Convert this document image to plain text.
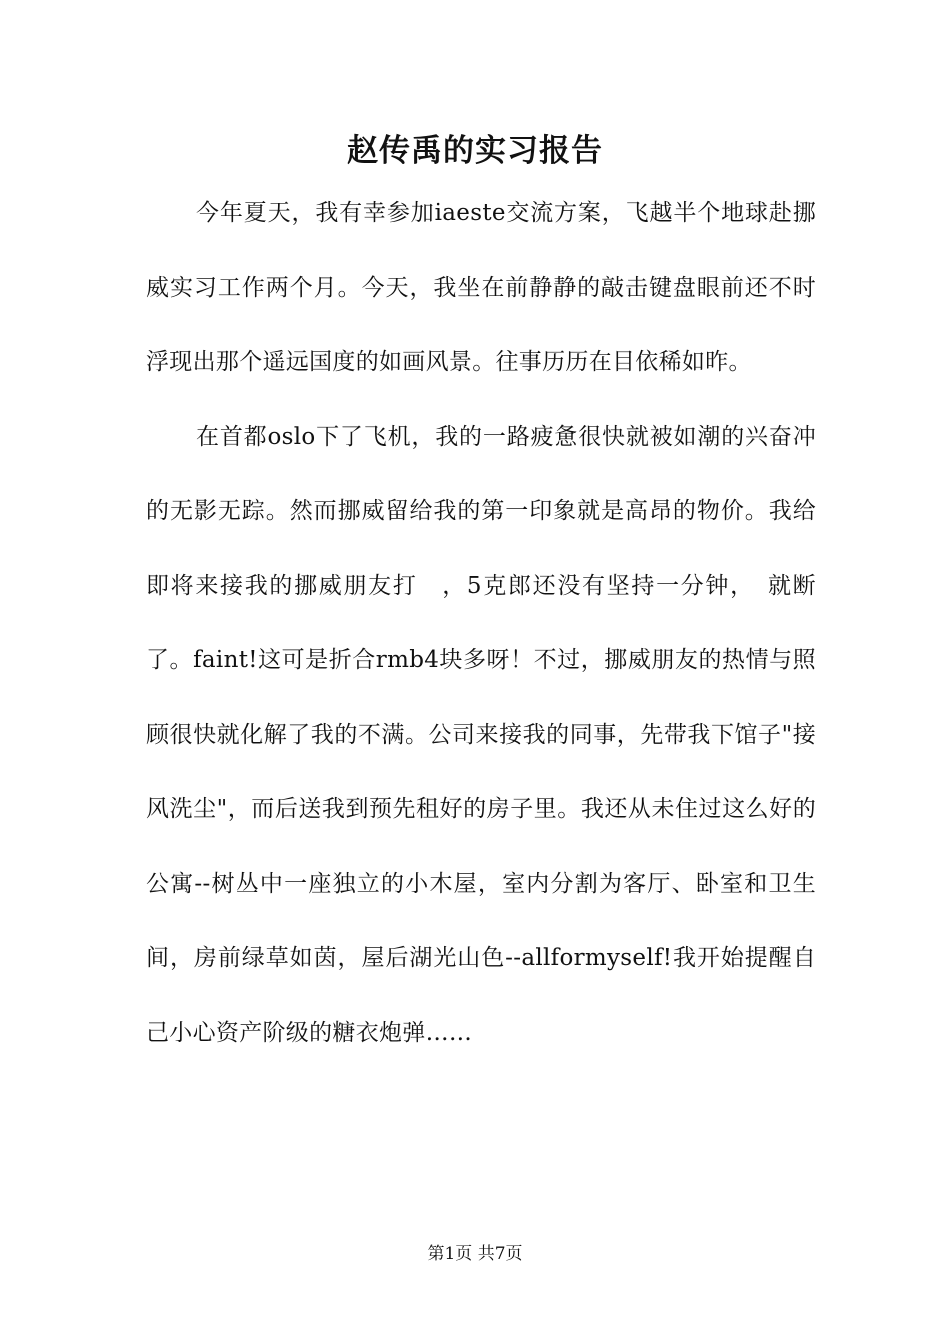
赵传禹的实习报告

今年夏天，我有幸参加iaeste交流方案，飞越半个地球赴挪威实习工作两个月。今天，我坐在前静静的敲击键盘眼前还不时浮现出那个遥远国度的如画风景。往事历历在目依稀如昨。

在首都oslo下了飞机，我的一路疲惫很快就被如潮的兴奋冲的无影无踪。然而挪威留给我的第一印象就是高昂的物价。我给即将来接我的挪威朋友打　，5克郎还没有坚持一分钟，　就断了。faint!这可是折合rmb4块多呀！不过，挪威朋友的热情与照顾很快就化解了我的不满。公司来接我的同事，先带我下馆子"接风洗尘"，而后送我到预先租好的房子里。我还从未住过这么好的公寓--树丛中一座独立的小木屋，室内分割为客厅、卧室和卫生间，房前绿草如茵，屋后湖光山色--allformyself!我开始提醒自己小心资产阶级的糖衣炮弹……

第1页 共7页
